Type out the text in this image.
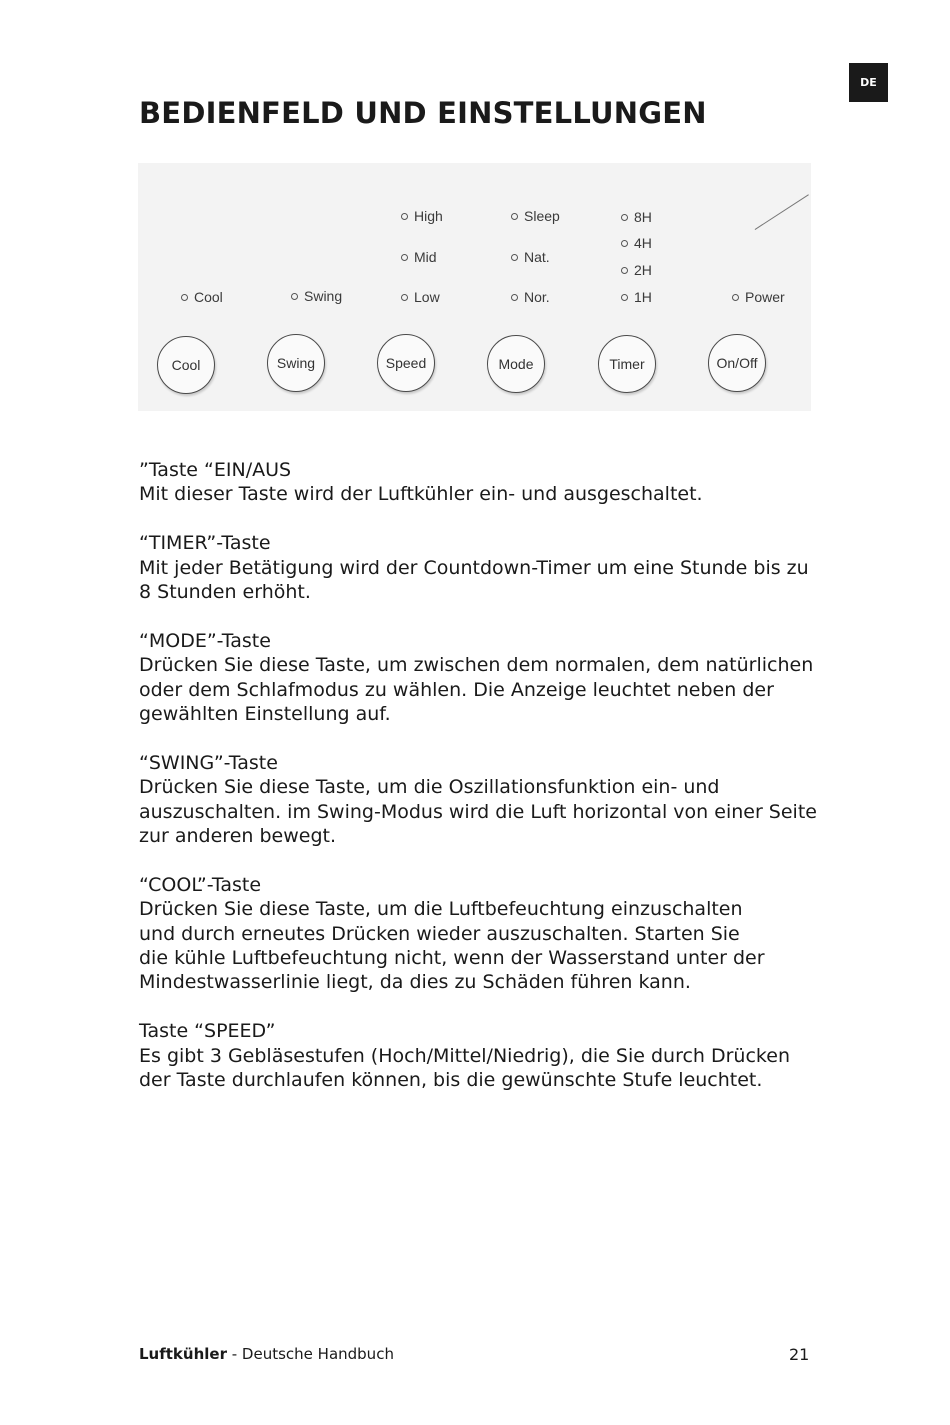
DE
BEDIENFELD UND EINSTELLUNGEN
Cool	Swing
High
Mid
Low
Sleep
Nat.
Nor.
8H
4H
2H
1H	Power
Cool	Swing	Speed	Mode	Timer	On/Off

”Taste “EIN/AUS

Mit dieser Taste wird der Luftkühler ein- und ausgeschaltet.

“TIMER”-Taste

Mit jeder Betätigung wird der Countdown-Timer um eine Stunde bis zu

8 Stunden erhöht.

“MODE”-Taste

Drücken Sie diese Taste, um zwischen dem normalen, dem natürlichen

oder dem Schlafmodus zu wählen. Die Anzeige leuchtet neben der

gewählten Einstellung auf.

“SWING”-Taste

Drücken Sie diese Taste, um die Oszillationsfunktion ein- und

auszuschalten. im Swing-Modus wird die Luft horizontal von einer Seite

zur anderen bewegt.

“COOL”-Taste

Drücken Sie diese Taste, um die Luftbefeuchtung einzuschalten

und durch erneutes Drücken wieder auszuschalten. Starten Sie

die kühle Luftbefeuchtung nicht, wenn der Wasserstand unter der

Mindestwasserlinie liegt, da dies zu Schäden führen kann.

Taste “SPEED”

Es gibt 3 Gebläsestufen (Hoch/Mittel/Niedrig), die Sie durch Drücken

der Taste durchlaufen können, bis die gewünschte Stufe leuchtet.

Luftkühler - Deutsche Handbuch	21
